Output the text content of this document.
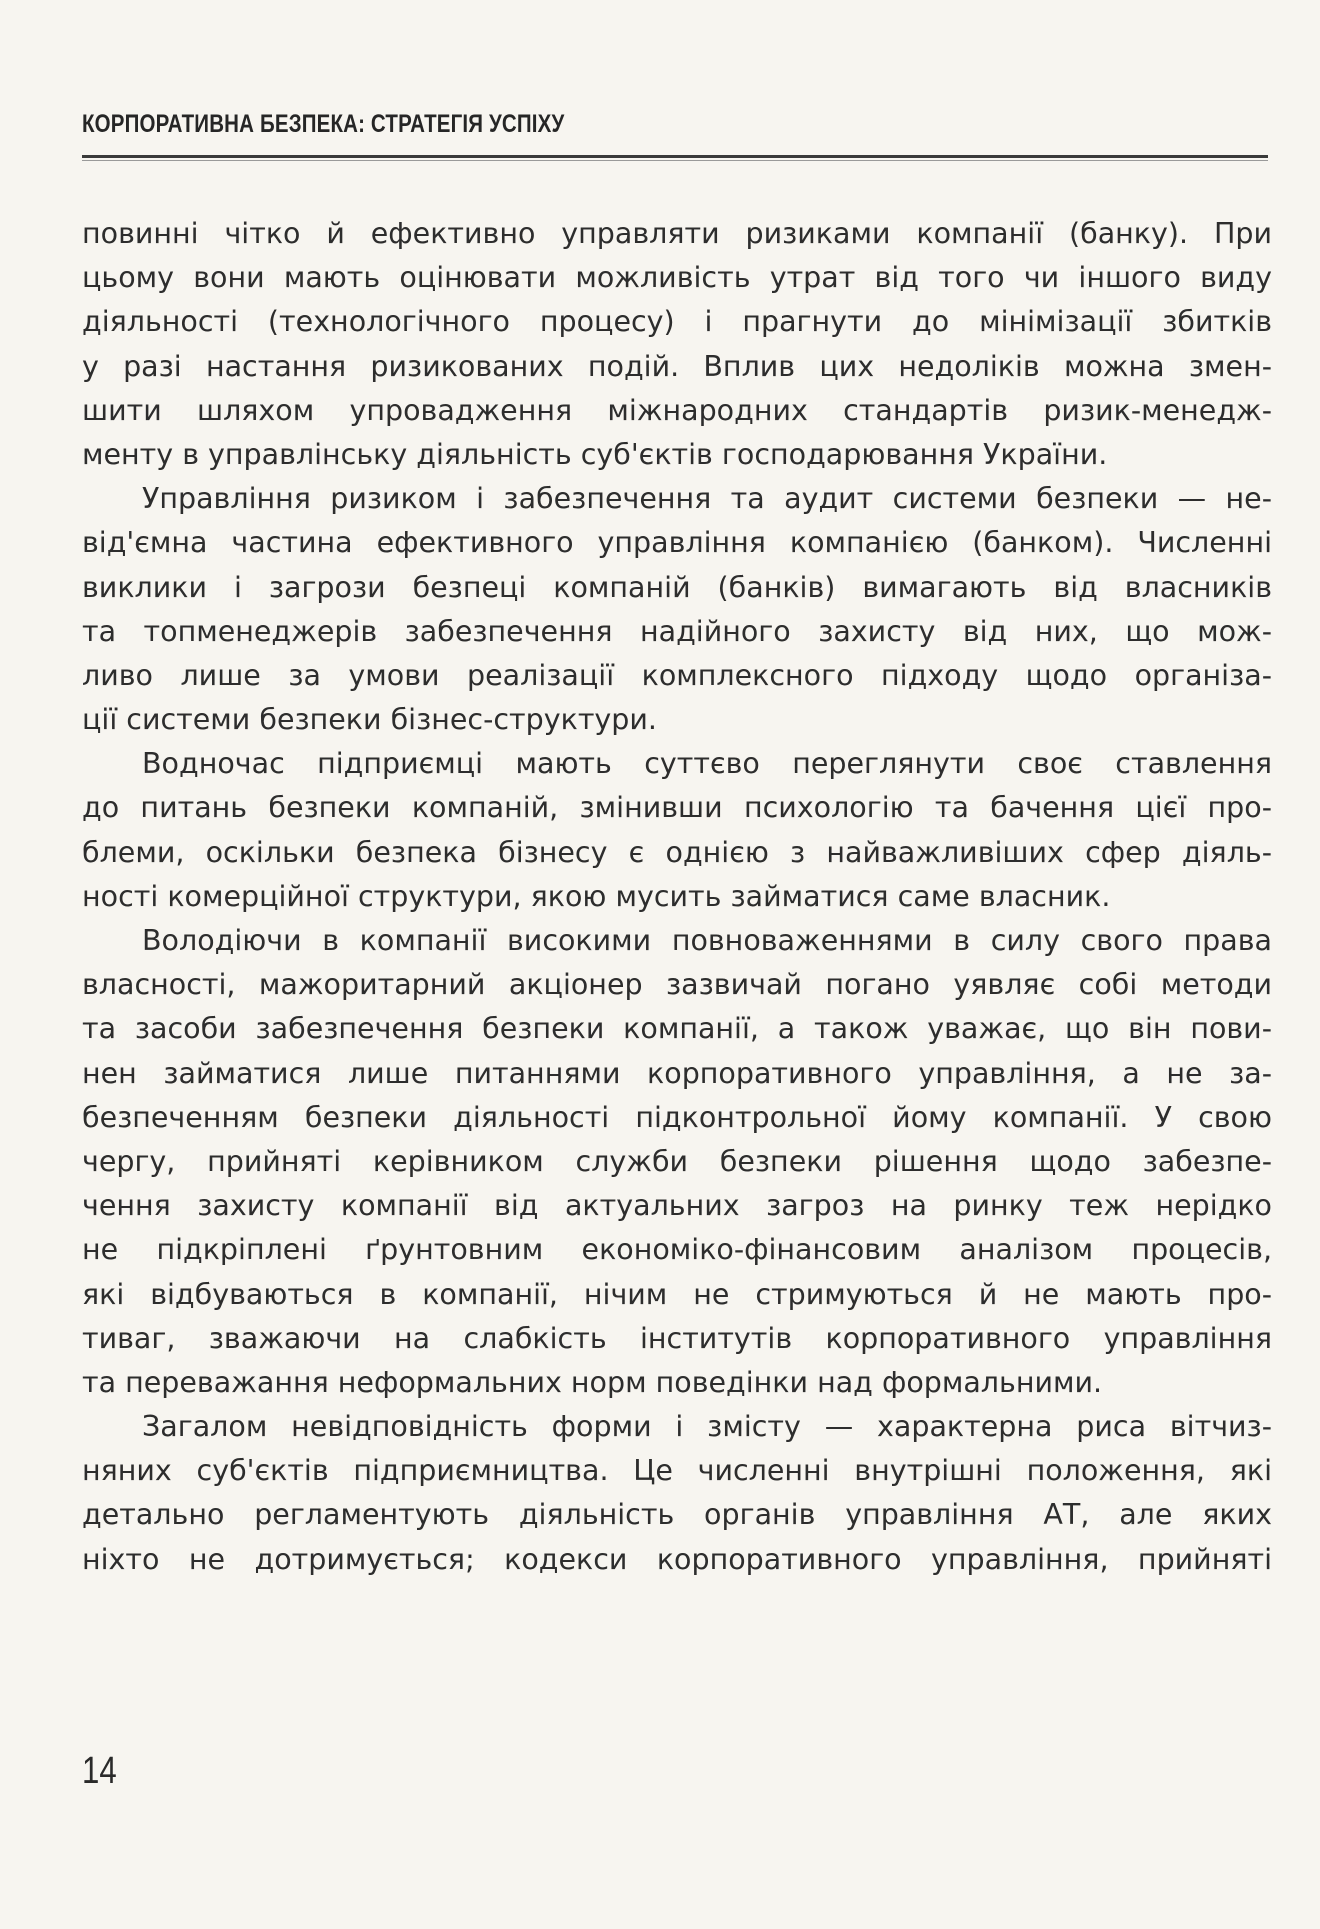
КОРПОРАТИВНА БЕЗПЕКА: СТРАТЕГІЯ УСПІХУ
повинні чітко й ефективно управляти ризиками компанії (банку). При
цьому вони мають оцінювати можливість утрат від того чи іншого виду
діяльності (технологічного процесу) і прагнути до мінімізації збитків
у разі настання ризикованих подій. Вплив цих недоліків можна змен-
шити шляхом упровадження міжнародних стандартів ризик-менедж-
менту в управлінську діяльність суб'єктів господарювання України.
Управління ризиком і забезпечення та аудит системи безпеки — не-
від'ємна частина ефективного управління компанією (банком). Численні
виклики і загрози безпеці компаній (банків) вимагають від власників
та топменеджерів забезпечення надійного захисту від них, що мож-
ливо лише за умови реалізації комплексного підходу щодо організа-
ції системи безпеки бізнес-структури.
Водночас підприємці мають суттєво переглянути своє ставлення
до питань безпеки компаній, змінивши психологію та бачення цієї про-
блеми, оскільки безпека бізнесу є однією з найважливіших сфер діяль-
ності комерційної структури, якою мусить займатися саме власник.
Володіючи в компанії високими повноваженнями в силу свого права
власності, мажоритарний акціонер зазвичай погано уявляє собі методи
та засоби забезпечення безпеки компанії, а також уважає, що він пови-
нен займатися лише питаннями корпоративного управління, а не за-
безпеченням безпеки діяльності підконтрольної йому компанії. У свою
чергу, прийняті керівником служби безпеки рішення щодо забезпе-
чення захисту компанії від актуальних загроз на ринку теж нерідко
не підкріплені ґрунтовним економіко-фінансовим аналізом процесів,
які відбуваються в компанії, нічим не стримуються й не мають про-
тиваг, зважаючи на слабкість інститутів корпоративного управління
та переважання неформальних норм поведінки над формальними.
Загалом невідповідність форми і змісту — характерна риса вітчиз-
няних суб'єктів підприємництва. Це численні внутрішні положення, які
детально регламентують діяльність органів управління АТ, але яких
ніхто не дотримується; кодекси корпоративного управління, прийняті
14
